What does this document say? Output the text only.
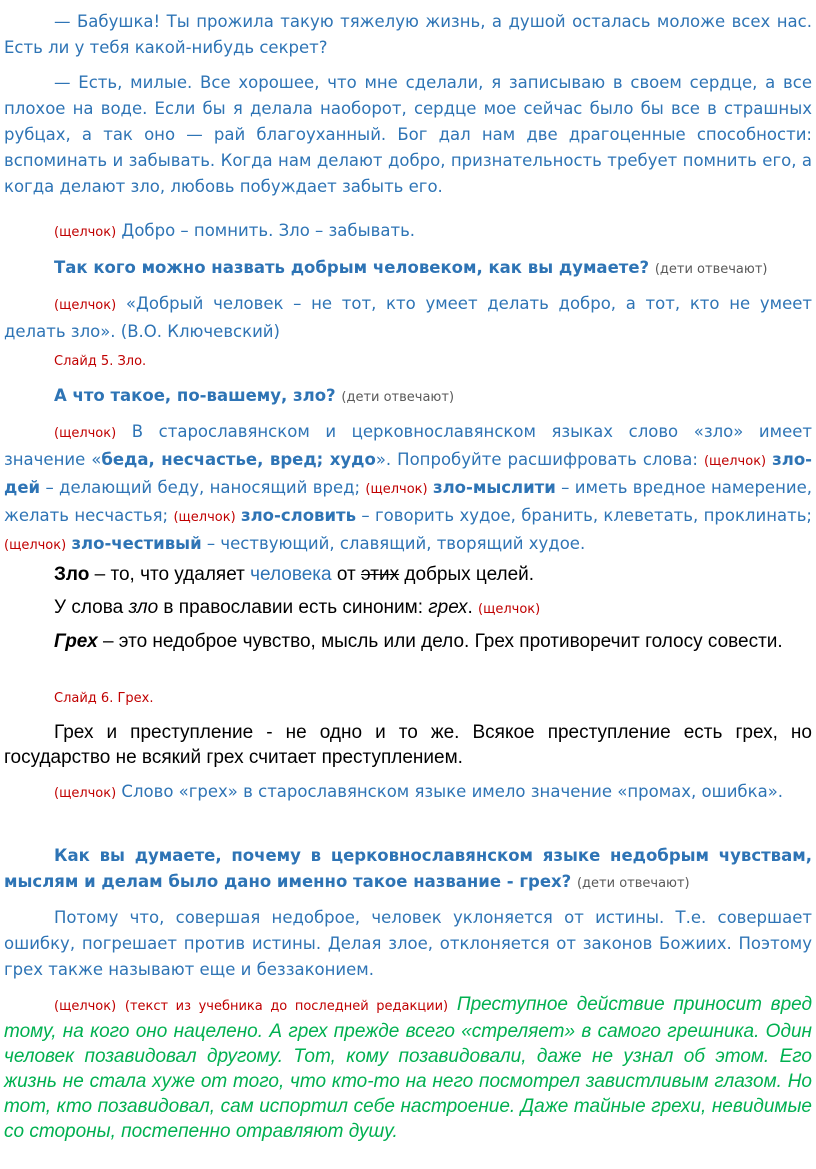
— Бабушка! Ты прожила такую тяжелую жизнь, а душой осталась моложе всех нас. Есть ли у тебя какой-нибудь секрет?

— Есть, милые. Все хорошее, что мне сделали, я записываю в своем сердце, а все плохое на воде. Если бы я делала наоборот, сердце мое сейчас было бы все в страшных рубцах, а так оно — рай благоуханный. Бог дал нам две драгоценные способности: вспоминать и забывать. Когда нам делают добро, признательность требует помнить его, а когда делают зло, любовь побуждает забыть его.

(щелчок) Добро – помнить. Зло – забывать.

Так кого можно назвать добрым человеком, как вы думаете? (дети отвечают)

(щелчок) «Добрый человек – не тот, кто умеет делать добро, а тот, кто не умеет делать зло». (В.О. Ключевский)

Слайд 5. Зло.

А что такое, по-вашему, зло? (дети отвечают)

(щелчок) В старославянском и церковнославянском языках слово «зло» имеет значение «беда, несчастье, вред; худо». Попробуйте расшифровать слова: (щелчок) зло-дей – делающий беду, наносящий вред; (щелчок) зло-мыслити – иметь вредное намерение, желать несчастья; (щелчок) зло-словить – говорить худое, бранить, клеветать, проклинать; (щелчок) зло-честивый – чествующий, славящий, творящий худое.

Зло – то, что удаляет человека от этих добрых целей.

У слова зло в православии есть синоним: грех. (щелчок)

Грех – это недоброе чувство, мысль или дело. Грех противоречит голосу совести.

Слайд 6. Грех.

Грех и преступление - не одно и то же. Всякое преступление есть грех, но государство не всякий грех считает преступлением.

(щелчок) Слово «грех» в старославянском языке имело значение «промах, ошибка».

Как вы думаете, почему в церковнославянском языке недобрым чувствам, мыслям и делам было дано именно такое название - грех? (дети отвечают)

Потому что, совершая недоброе, человек уклоняется от истины. Т.е. совершает ошибку, погрешает против истины. Делая злое, отклоняется от законов Божиих. Поэтому грех также называют еще и беззаконием.

(щелчок) (текст из учебника до последней редакции) Преступное действие приносит вред тому, на кого оно нацелено. А грех прежде всего «стреляет» в самого грешника. Один человек позавидовал другому. Тот, кому позавидовали, даже не узнал об этом. Его жизнь не стала хуже от того, что кто-то на него посмотрел завистливым глазом. Но тот, кто позавидовал, сам испортил себе настроение. Даже тайные грехи, невидимые со стороны, постепенно отравляют душу.
